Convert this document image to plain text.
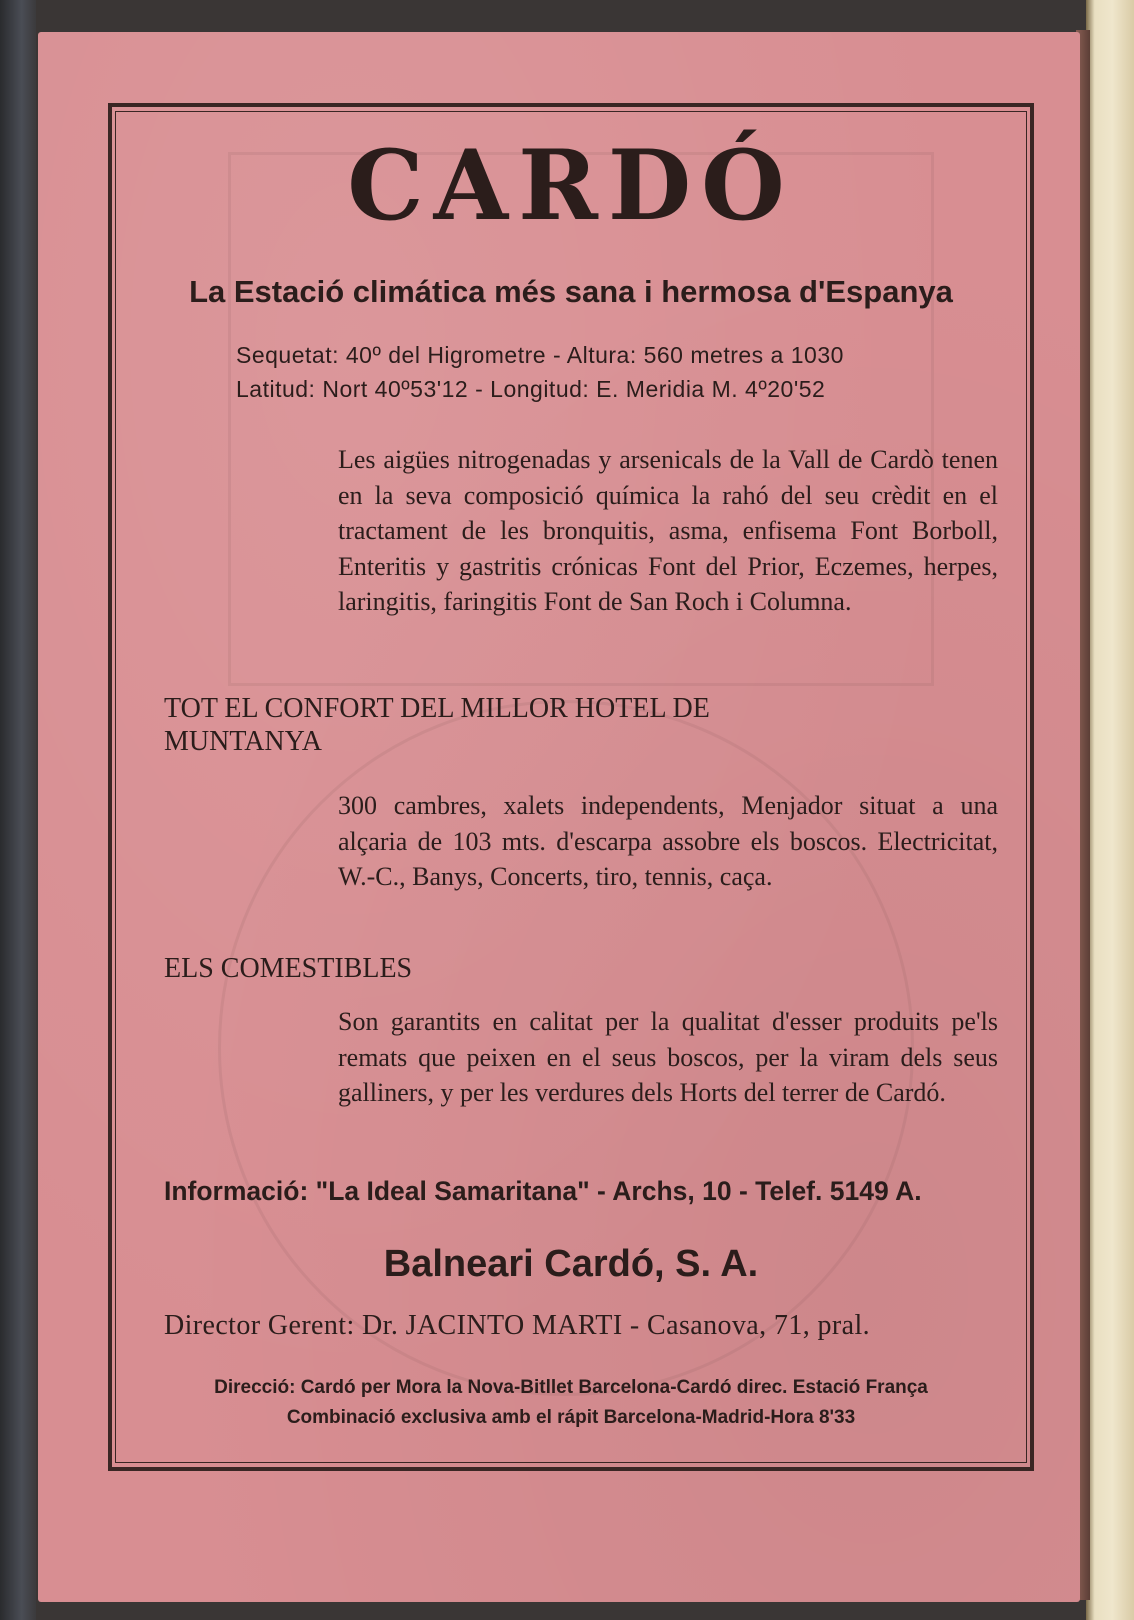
CARDÓ
La Estació climática més sana i hermosa d'Espanya
Sequetat: 40º del Higrometre - Altura: 560 metres a 1030
Latitud: Nort 40º53'12 - Longitud: E. Meridia M. 4º20'52
Les aigües nitrogenadas y arsenicals de la Vall de Cardò tenen en la seva composició química la rahó del seu crèdit en el tractament de les bronquitis, asma, enfisema Font Borboll, Enteritis y gastritis crónicas Font del Prior, Eczemes, herpes, laringitis, faringitis Font de San Roch i Columna.
TOT EL CONFORT DEL MILLOR HOTEL DE MUNTANYA
300 cambres, xalets independents, Menjador situat a una alçaria de 103 mts. d'escarpa assobre els boscos. Electricitat, W.-C., Banys, Concerts, tiro, tennis, caça.
ELS COMESTIBLES
Son garantits en calitat per la qualitat d'esser produits pe'ls remats que peixen en el seus boscos, per la viram dels seus galliners, y per les verdures dels Horts del terrer de Cardó.
Informació: "La Ideal Samaritana" - Archs, 10 - Telef. 5149 A.
Balneari Cardó, S. A.
Director Gerent: Dr. JACINTO MARTI - Casanova, 71, pral.
Direcció: Cardó per Mora la Nova-Bitllet Barcelona-Cardó direc. Estació França
Combinació exclusiva amb el rápit Barcelona-Madrid-Hora 8'33
